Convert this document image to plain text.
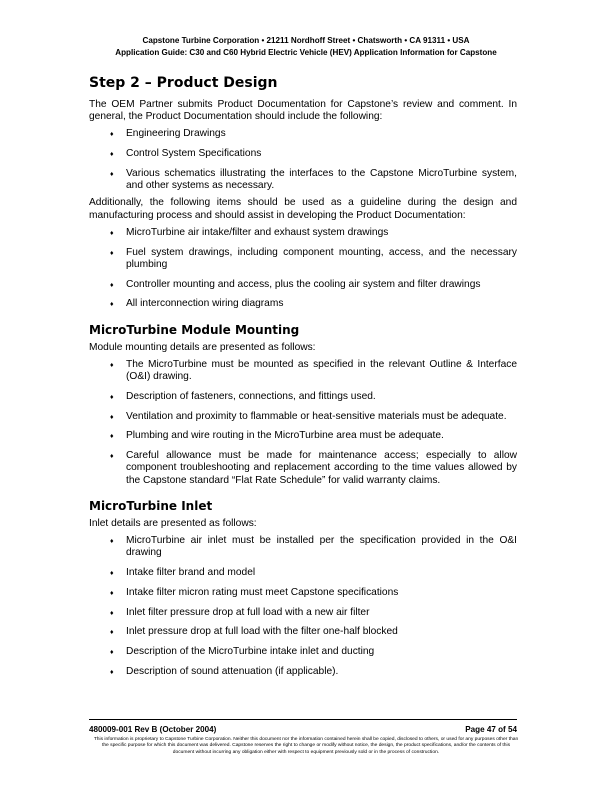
Capstone Turbine Corporation • 21211 Nordhoff Street • Chatsworth • CA 91311 • USA
Application Guide: C30 and C60 Hybrid Electric Vehicle (HEV) Application Information for Capstone
Step 2 – Product Design

The OEM Partner submits Product Documentation for Capstone’s review and comment. In general, the Product Documentation should include the following:

♦ Engineering Drawings
♦ Control System Specifications
♦ Various schematics illustrating the interfaces to the Capstone MicroTurbine system, and other systems as necessary.

Additionally, the following items should be used as a guideline during the design and manufacturing process and should assist in developing the Product Documentation:

♦ MicroTurbine air intake/filter and exhaust system drawings
♦ Fuel system drawings, including component mounting, access, and the necessary plumbing
♦ Controller mounting and access, plus the cooling air system and filter drawings
♦ All interconnection wiring diagrams
MicroTurbine Module Mounting

Module mounting details are presented as follows:

♦ The MicroTurbine must be mounted as specified in the relevant Outline & Interface (O&I) drawing.
♦ Description of fasteners, connections, and fittings used.
♦ Ventilation and proximity to flammable or heat-sensitive materials must be adequate.
♦ Plumbing and wire routing in the MicroTurbine area must be adequate.
♦ Careful allowance must be made for maintenance access; especially to allow component troubleshooting and replacement according to the time values allowed by the Capstone standard “Flat Rate Schedule” for valid warranty claims.
MicroTurbine Inlet

Inlet details are presented as follows:

♦ MicroTurbine air inlet must be installed per the specification provided in the O&I drawing
♦ Intake filter brand and model
♦ Intake filter micron rating must meet Capstone specifications
♦ Inlet filter pressure drop at full load with a new air filter
♦ Inlet pressure drop at full load with the filter one-half blocked
♦ Description of the MicroTurbine intake inlet and ducting
♦ Description of sound attenuation (if applicable).
480009-001 Rev B (October 2004)	Page 47 of 54
This information is proprietary to Capstone Turbine Corporation. Neither this document nor the information contained herein shall be copied, disclosed to others, or used for any purposes other than the specific purpose for which this document was delivered. Capstone reserves the right to change or modify without notice, the design, the product specifications, and/or the contents of this document without incurring any obligation either with respect to equipment previously sold or in the process of construction.
